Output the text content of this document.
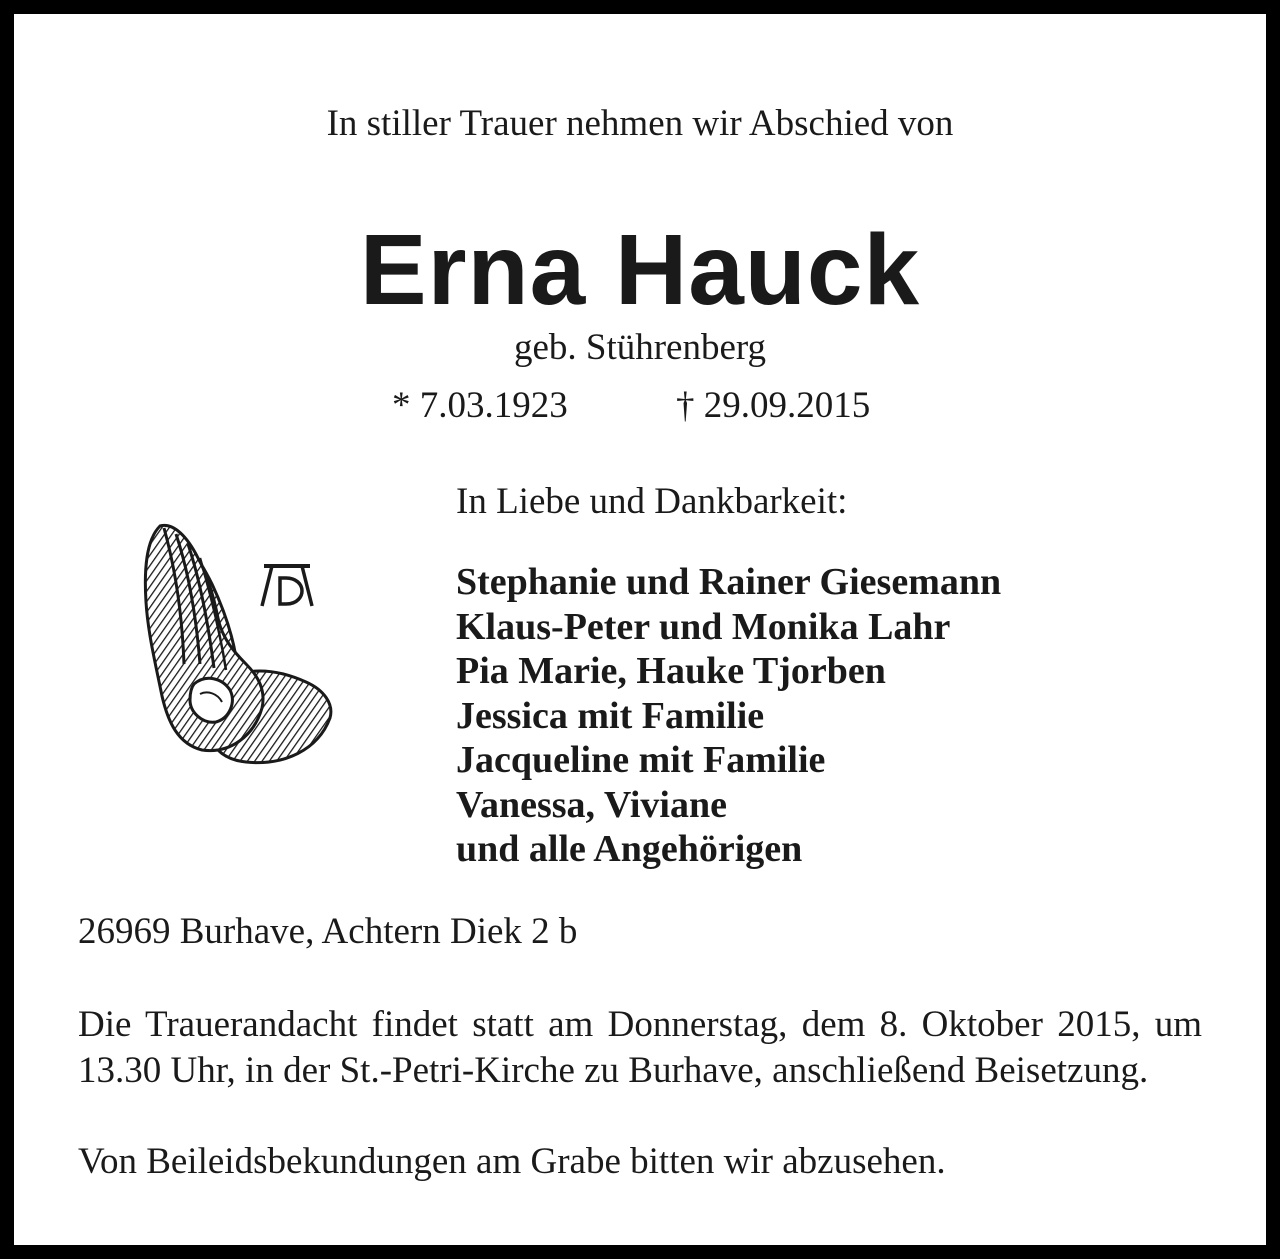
In stiller Trauer nehmen wir Abschied von
Erna Hauck
geb. Stührenberg
* 7.03.1923	† 29.09.2015
In Liebe und Dankbarkeit:
Stephanie und Rainer Giesemann
Klaus-Peter und Monika Lahr
Pia Marie, Hauke Tjorben
Jessica mit Familie
Jacqueline mit Familie
Vanessa, Viviane
und alle Angehörigen
26969 Burhave, Achtern Diek 2 b

Die Trauerandacht findet statt am Donnerstag, dem 8. Oktober 2015, um 13.30 Uhr, in der St.-Petri-Kirche zu Burhave, anschließend Beisetzung.

Von Beileidsbekundungen am Grabe bitten wir abzusehen.
